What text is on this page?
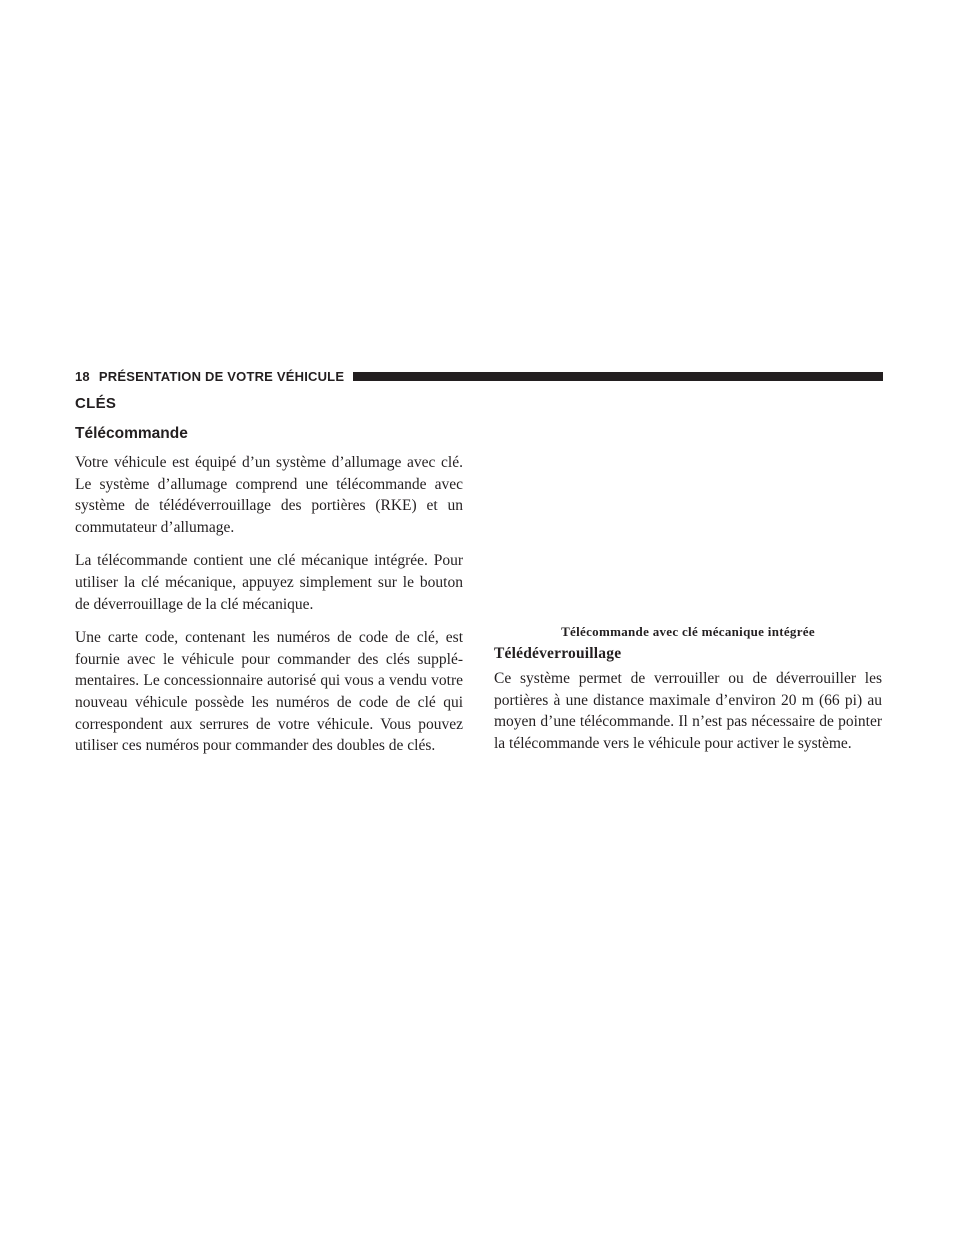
18 PRÉSENTATION DE VOTRE VÉHICULE
CLÉS
Télécommande

Votre véhicule est équipé d’un système d’allumage avec clé. Le système d’allumage comprend une télécommande avec système de télédéverrouillage des portières (RKE) et un commutateur d’allumage.

La télécommande contient une clé mécanique intégrée. Pour utiliser la clé mécanique, appuyez simplement sur le bouton de déverrouillage de la clé mécanique.

Une carte code, contenant les numéros de code de clé, est fournie avec le véhicule pour commander des clés supplé-mentaires. Le concessionnaire autorisé qui vous a vendu votre nouveau véhicule possède les numéros de code de clé qui correspondent aux serrures de votre véhicule. Vous pouvez utiliser ces numéros pour commander des doubles de clés.

Télécommande avec clé mécanique intégrée
Télédéverrouillage

Ce système permet de verrouiller ou de déverrouiller les portières à une distance maximale d’environ 20 m (66 pi) au moyen d’une télécommande. Il n’est pas nécessaire de pointer la télécommande vers le véhicule pour activer le système.
